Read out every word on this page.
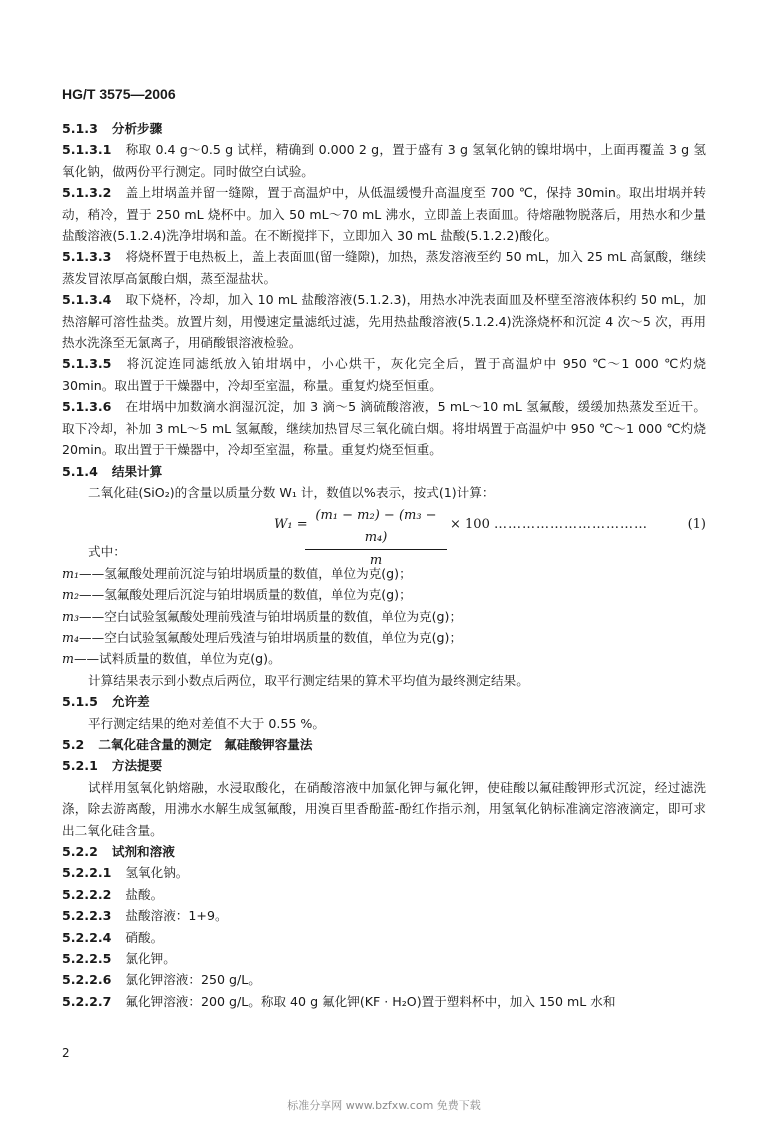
HG/T 3575—2006

5.1.3 分析步骤

5.1.3.1 称取 0.4 g～0.5 g 试样，精确到 0.000 2 g，置于盛有 3 g 氢氧化钠的镍坩埚中，上面再覆盖 3 g 氢氧化钠，做两份平行测定。同时做空白试验。

5.1.3.2 盖上坩埚盖并留一缝隙，置于高温炉中，从低温缓慢升高温度至 700 ℃，保持 30min。取出坩埚并转动，稍冷，置于 250 mL 烧杯中。加入 50 mL～70 mL 沸水，立即盖上表面皿。待熔融物脱落后，用热水和少量盐酸溶液(5.1.2.4)洗净坩埚和盖。在不断搅拌下，立即加入 30 mL 盐酸(5.1.2.2)酸化。

5.1.3.3 将烧杯置于电热板上，盖上表面皿(留一缝隙)，加热，蒸发溶液至约 50 mL，加入 25 mL 高氯酸，继续蒸发冒浓厚高氯酸白烟，蒸至湿盐状。

5.1.3.4 取下烧杯，冷却，加入 10 mL 盐酸溶液(5.1.2.3)，用热水冲洗表面皿及杯壁至溶液体积约 50 mL，加热溶解可溶性盐类。放置片刻，用慢速定量滤纸过滤，先用热盐酸溶液(5.1.2.4)洗涤烧杯和沉淀 4 次～5 次，再用热水洗涤至无氯离子，用硝酸银溶液检验。

5.1.3.5 将沉淀连同滤纸放入铂坩埚中，小心烘干，灰化完全后，置于高温炉中 950 ℃～1 000 ℃灼烧 30min。取出置于干燥器中，冷却至室温，称量。重复灼烧至恒重。

5.1.3.6 在坩埚中加数滴水润湿沉淀，加 3 滴～5 滴硫酸溶液，5 mL～10 mL 氢氟酸，缓缓加热蒸发至近干。取下冷却，补加 3 mL～5 mL 氢氟酸，继续加热冒尽三氧化硫白烟。将坩埚置于高温炉中 950 ℃～1 000 ℃灼烧 20min。取出置于干燥器中，冷却至室温，称量。重复灼烧至恒重。

5.1.4 结果计算

二氧化硅(SiO₂)的含量以质量分数 W₁ 计，数值以%表示，按式(1)计算：

W₁ =
$\frac{\text{(m₁ − m₂) − (m₃ − m₄)}}{m} \times 100$ ……………………………	(1)

式中：

m₁——氢氟酸处理前沉淀与铂坩埚质量的数值，单位为克(g)；

m₂——氢氟酸处理后沉淀与铂坩埚质量的数值，单位为克(g)；

m₃——空白试验氢氟酸处理前残渣与铂坩埚质量的数值，单位为克(g)；

m₄——空白试验氢氟酸处理后残渣与铂坩埚质量的数值，单位为克(g)；

m——试料质量的数值，单位为克(g)。

计算结果表示到小数点后两位，取平行测定结果的算术平均值为最终测定结果。

5.1.5 允许差

平行测定结果的绝对差值不大于 0.55 %。

5.2 二氧化硅含量的测定　氟硅酸钾容量法

5.2.1 方法提要

试样用氢氧化钠熔融，水浸取酸化，在硝酸溶液中加氯化钾与氟化钾，使硅酸以氟硅酸钾形式沉淀，经过滤洗涤，除去游离酸，用沸水水解生成氢氟酸，用溴百里香酚蓝-酚红作指示剂，用氢氧化钠标准滴定溶液滴定，即可求出二氧化硅含量。

5.2.2 试剂和溶液

5.2.2.1 氢氧化钠。

5.2.2.2 盐酸。

5.2.2.3 盐酸溶液：1+9。

5.2.2.4 硝酸。

5.2.2.5 氯化钾。

5.2.2.6 氯化钾溶液：250 g/L。

5.2.2.7 氟化钾溶液：200 g/L。称取 40 g 氟化钾(KF · H₂O)置于塑料杯中，加入 150 mL 水和

2
标准分享网 www.bzfxw.com 免费下载
